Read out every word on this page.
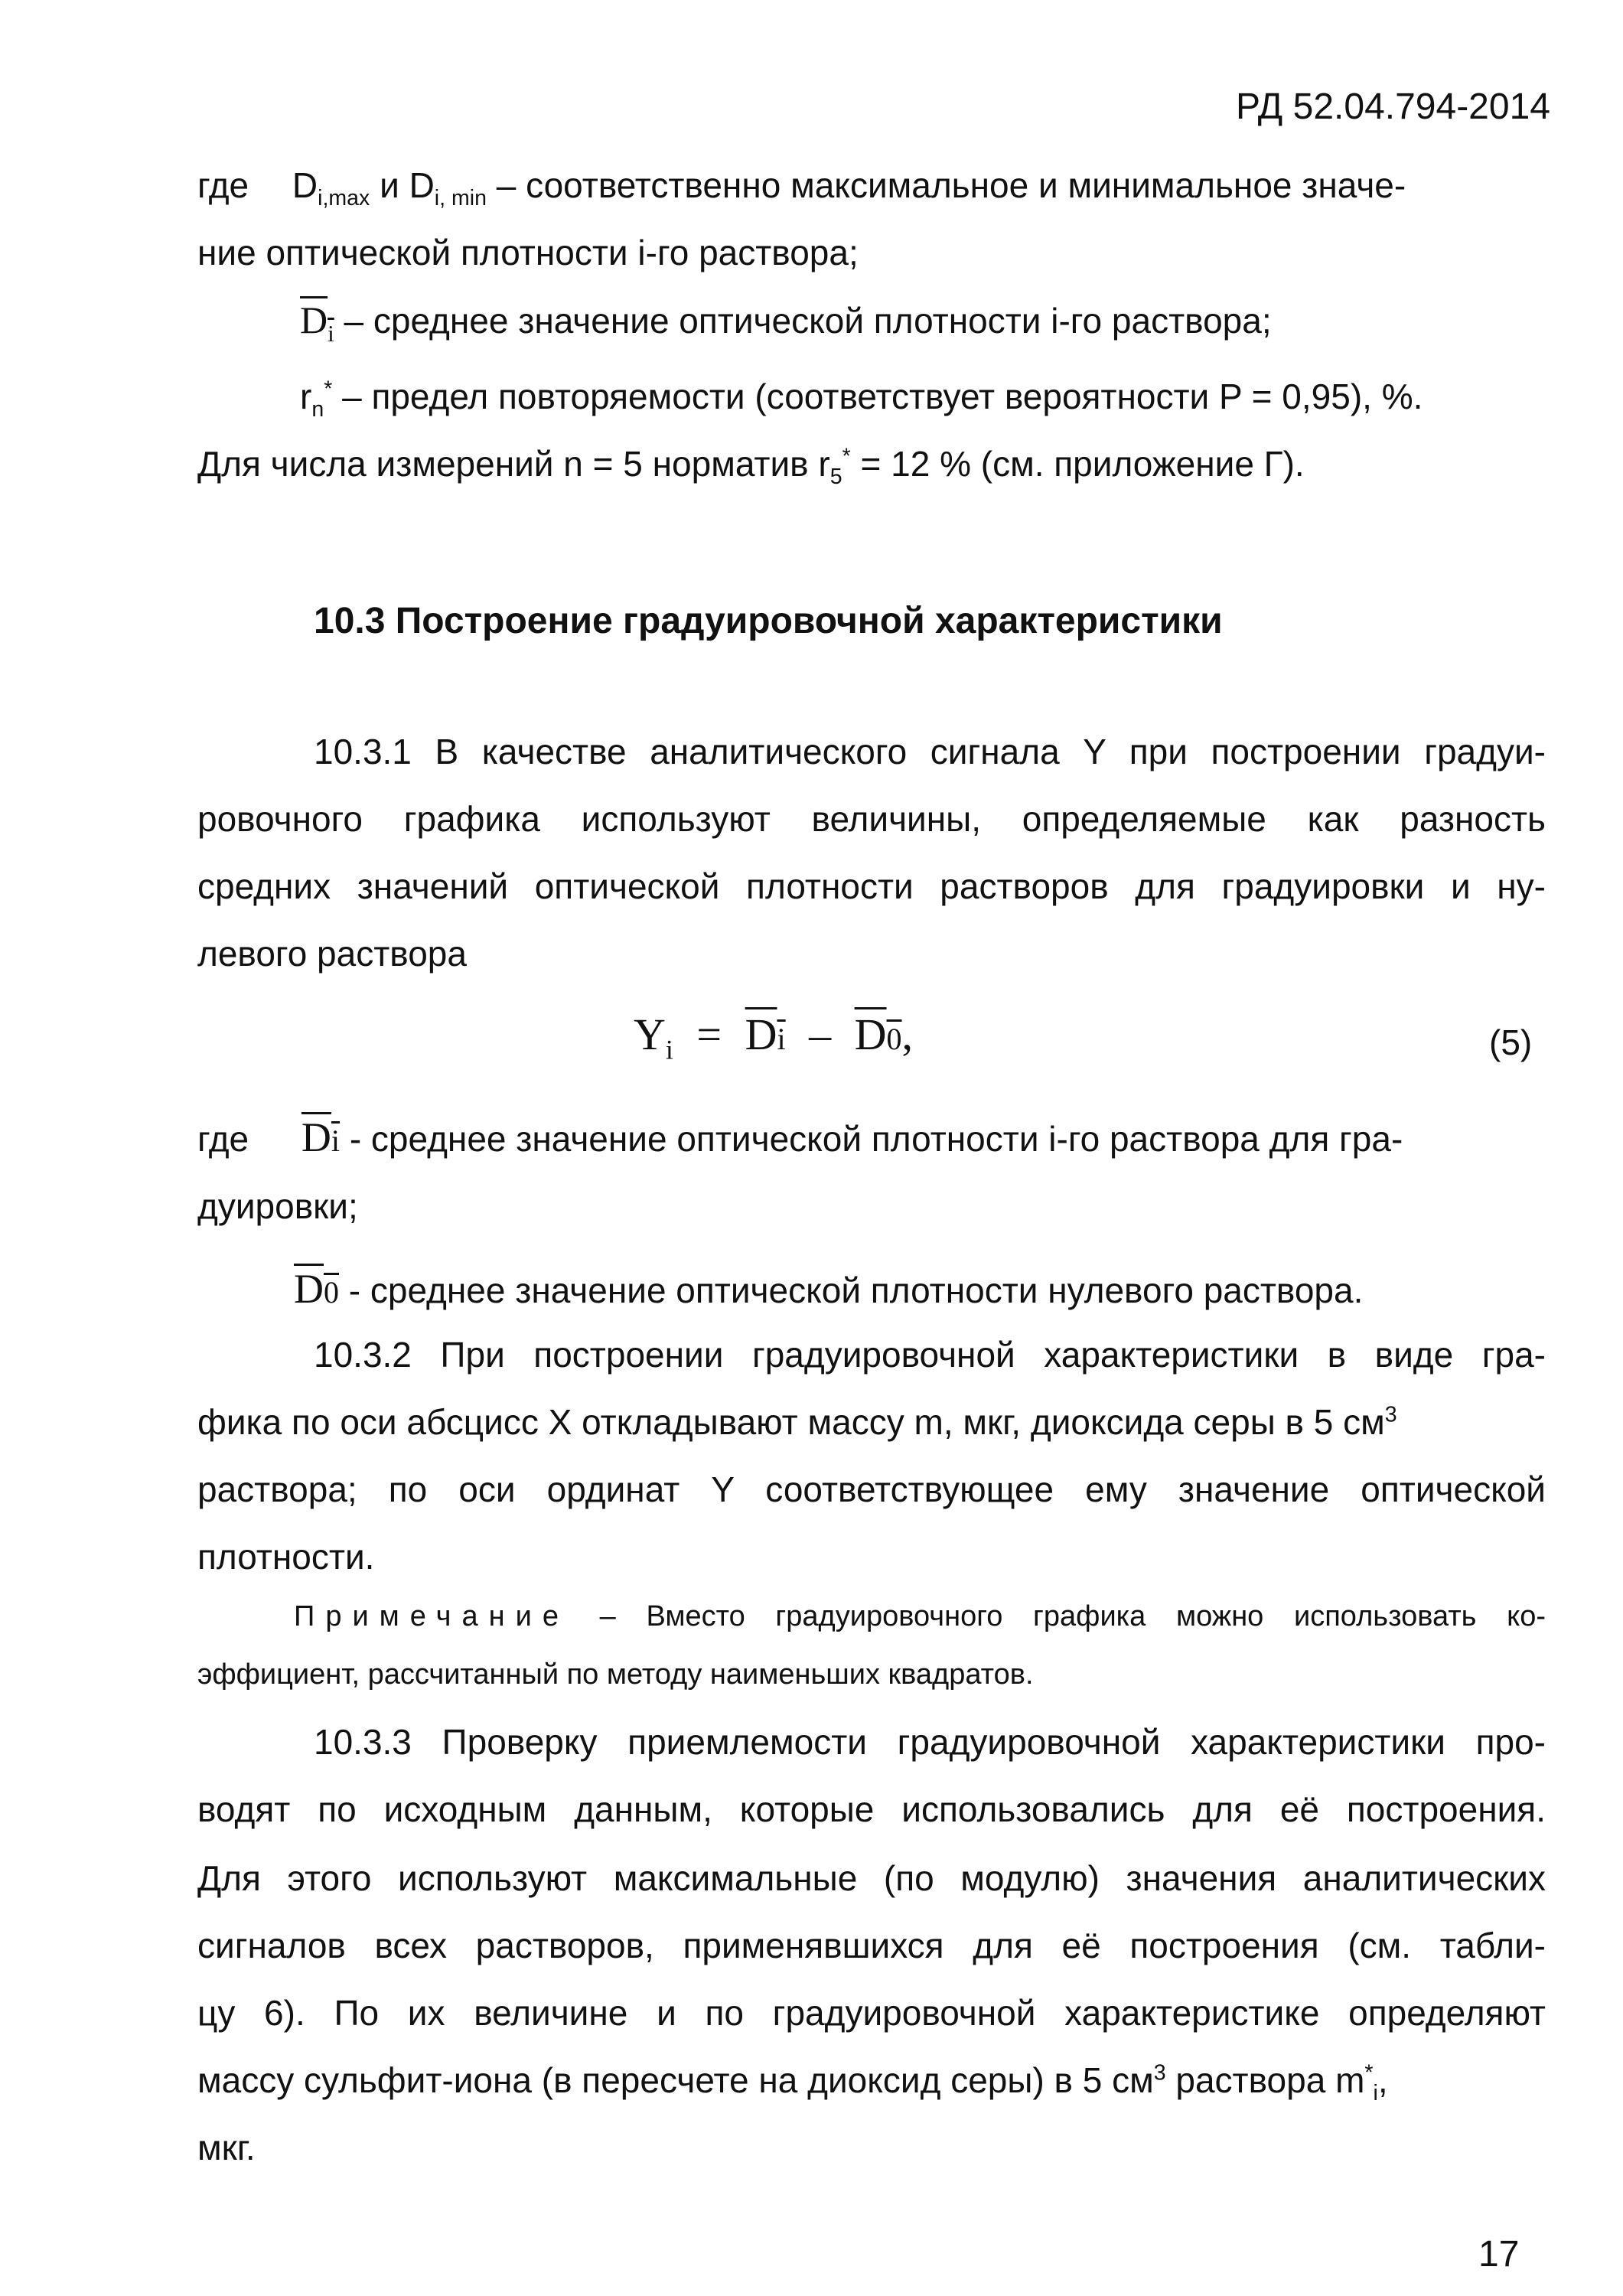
РД 52.04.794-2014
где $D_{i,max}$ и $D_{i, min}$ – соответственно максимальное и минимальное значе-
ние оптической плотности i-го раствора;
$D_i$ – среднее значение оптической плотности i-го раствора;
$r_n^*$ – предел повторяемости (соответствует вероятности P = 0,95), %.
Для числа измерений n = 5 норматив $r_5^* = 12$ % (см. приложение Г).
10.3 Построение градуировочной характеристики
10.3.1 В качестве аналитического сигнала Y при построении градуи-
ровочного графика используют величины, определяемые как разность
средних значений оптической плотности растворов для градуировки и ну-
левого раствора
$Y_i = Di - D0$,	(5)
где Di - среднее значение оптической плотности i-го раствора для гра-
дуировки;
D0 - среднее значение оптической плотности нулевого раствора.
10.3.2 При построении градуировочной характеристики в виде гра-
фика по оси абсцисс X откладывают массу m, мкг, диоксида серы в 5 $см^3$
раствора; по оси ординат Y соответствующее ему значение оптической
плотности.
Примечание – Вместо градуировочного графика можно использовать ко-
эффициент, рассчитанный по методу наименьших квадратов.
10.3.3 Проверку приемлемости градуировочной характеристики про-
водят по исходным данным, которые использовались для её построения.
Для этого используют максимальные (по модулю) значения аналитических
сигналов всех растворов, применявшихся для её построения (см. табли-
цу 6). По их величине и по градуировочной характеристике определяют
массу сульфит-иона (в пересчете на диоксид серы) в 5 $см^3$ раствора $m^*_i$,
мкг.
17
